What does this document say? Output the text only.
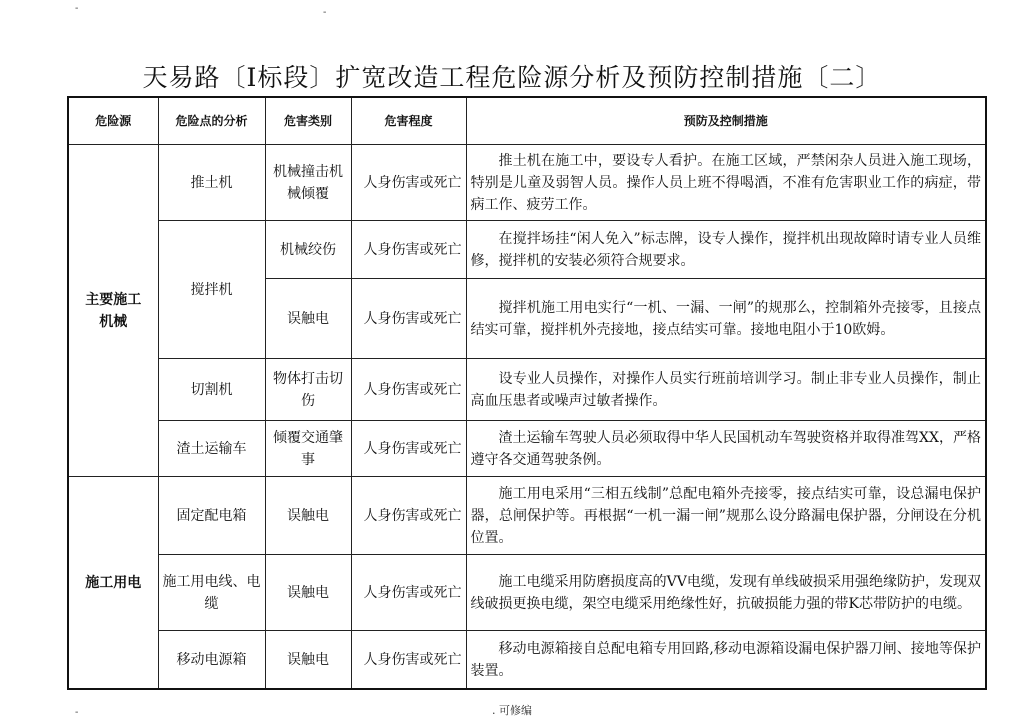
-	-
-
天易路〔Ⅰ标段〕扩宽改造工程危险源分析及预防控制措施〔二〕
危险源	危险点的分析	危害类别	危害程度	预防及控制措施
主要施工机械	推土机	机械撞击机械倾覆	人身伤害或死亡	推土机在施工中，要设专人看护。在施工区域，严禁闲杂人员进入施工现场，特别是儿童及弱智人员。操作人员上班不得喝酒，不准有危害职业工作的病症，带病工作、疲劳工作。
	搅拌机	机械绞伤	人身伤害或死亡	在搅拌场挂“闲人免入”标志牌，设专人操作，搅拌机出现故障时请专业人员维修，搅拌机的安装必须符合规要求。
		误触电	人身伤害或死亡	搅拌机施工用电实行“一机、一漏、一闸”的规那么，控制箱外壳接零，且接点结实可靠，搅拌机外壳接地，接点结实可靠。接地电阻小于10欧姆。
	切割机	物体打击切伤	人身伤害或死亡	设专业人员操作，对操作人员实行班前培训学习。制止非专业人员操作，制止高血压患者或噪声过敏者操作。
	渣土运输车	倾覆交通肇事	人身伤害或死亡	渣土运输车驾驶人员必须取得中华人民国机动车驾驶资格并取得准驾XX，严格遵守各交通驾驶条例。
施工用电	固定配电箱	误触电	人身伤害或死亡	施工用电采用“三相五线制”总配电箱外壳接零，接点结实可靠，设总漏电保护器，总闸保护等。再根据“一机一漏一闸”规那么设分路漏电保护器，分闸设在分机位置。
	施工用电线、电缆	误触电	人身伤害或死亡	施工电缆采用防磨损度高的VV电缆，发现有单线破损采用强绝缘防护，发现双线破损更换电缆，架空电缆采用绝缘性好，抗破损能力强的带K芯带防护的电缆。
	移动电源箱	误触电	人身伤害或死亡	移动电源箱接自总配电箱专用回路,移动电源箱设漏电保护器刀闸、接地等保护装置。
. 可修编
